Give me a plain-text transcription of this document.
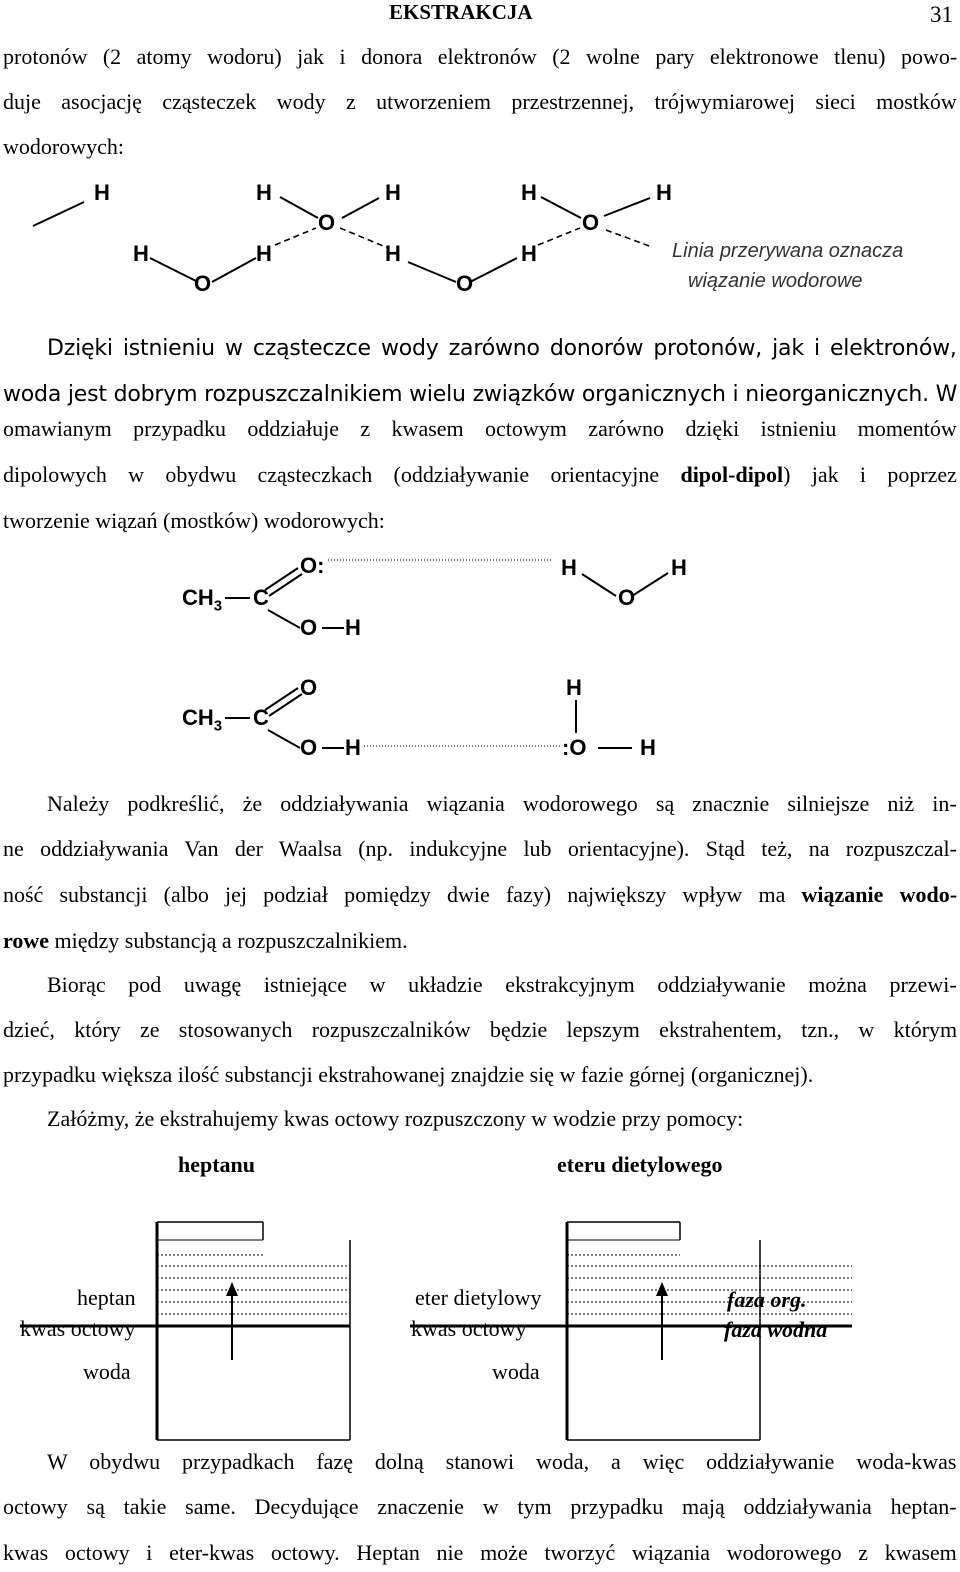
EKSTRAKCJA	31
protonów (2 atomy wodoru) jak i donora elektronów (2 wolne pary elektronowe tlenu) powo-
duje asocjację cząsteczek wody z utworzeniem przestrzennej, trójwymiarowej sieci mostków
wodorowych:
H	H	H	H	H
O	O
H	H	H	H
O	O
Linia przerywana oznacza
wiązanie wodorowe
Dzięki istnieniu w cząsteczce wody zarówno donorów protonów, jak i elektronów,
woda jest dobrym rozpuszczalnikiem wielu związków organicznych i nieorganicznych. W
omawianym przypadku oddziałuje z kwasem octowym zarówno dzięki istnieniu momentów
dipolowych w obydwu cząsteczkach (oddziaływanie orientacyjne dipol-dipol) jak i poprzez
tworzenie wiązań (mostków) wodorowych:
$CH_3$ C
O:
O H
H
O
H
$CH_3$ C
O
O H
H
:O H
Należy podkreślić, że oddziaływania wiązania wodorowego są znacznie silniejsze niż in-
ne oddziaływania Van der Waalsa (np. indukcyjne lub orientacyjne). Stąd też, na rozpuszczal-
ność substancji (albo jej podział pomiędzy dwie fazy) największy wpływ ma wiązanie wodo-
rowe między substancją a rozpuszczalnikiem.
Biorąc pod uwagę istniejące w układzie ekstrakcyjnym oddziaływanie można przewi-
dzieć, który ze stosowanych rozpuszczalników będzie lepszym ekstrahentem, tzn., w którym
przypadku większa ilość substancji ekstrahowanej znajdzie się w fazie górnej (organicznej).
Załóżmy, że ekstrahujemy kwas octowy rozpuszczony w wodzie przy pomocy:
heptanu	eteru dietylowego
heptan
kwas octowy
woda
eter dietylowy
kwas octowy
woda
faza org.
faza wodna
W obydwu przypadkach fazę dolną stanowi woda, a więc oddziaływanie woda-kwas
octowy są takie same. Decydujące znaczenie w tym przypadku mają oddziaływania heptan-
kwas octowy i eter-kwas octowy. Heptan nie może tworzyć wiązania wodorowego z kwasem
